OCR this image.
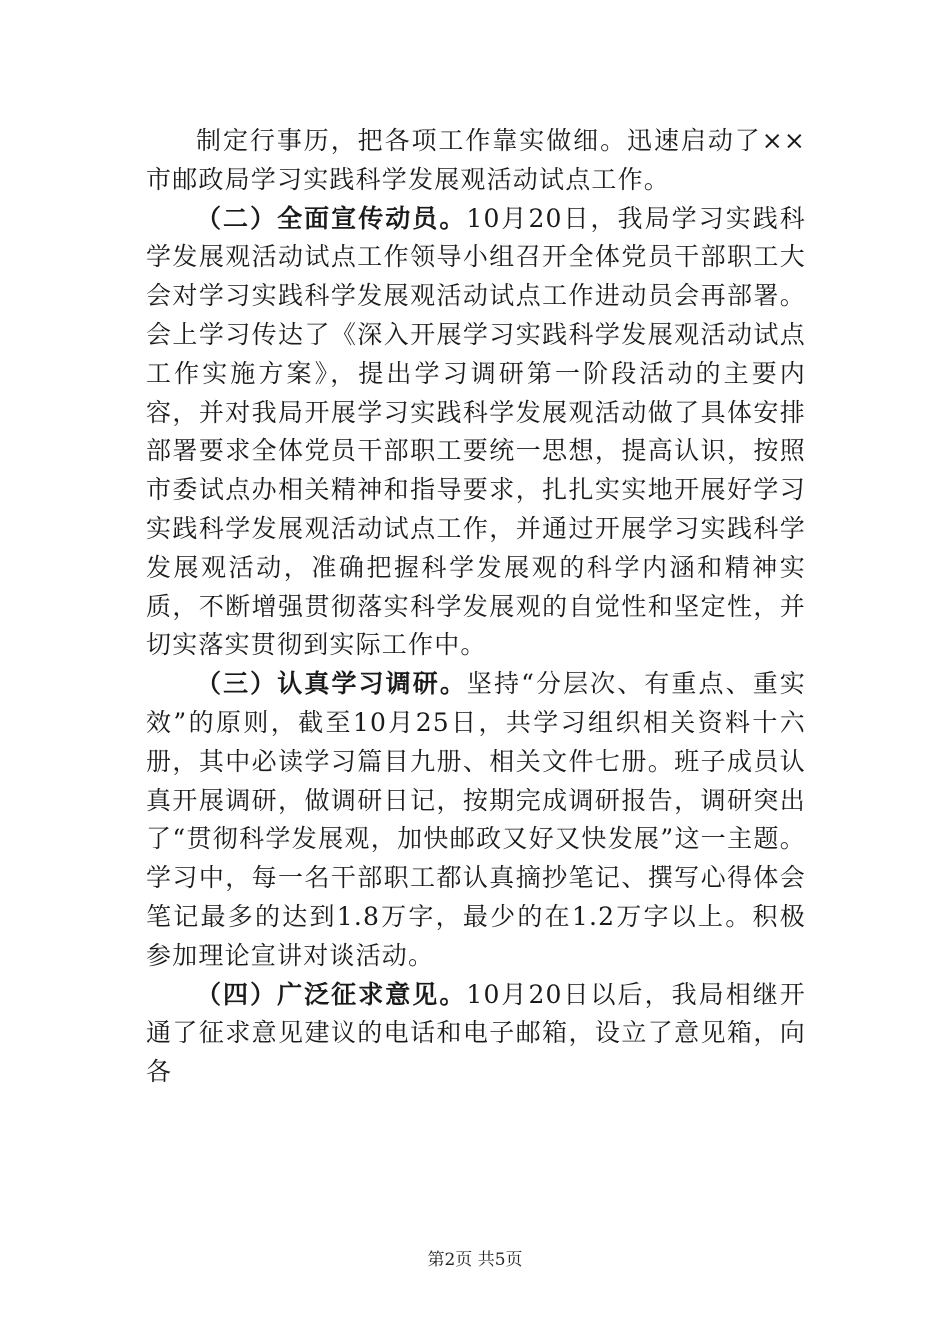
制定行事历，把各项工作靠实做细。迅速启动了××市邮政局学习实践科学发展观活动试点工作。

（二）全面宣传动员。10月20日，我局学习实践科学发展观活动试点工作领导小组召开全体党员干部职工大会对学习实践科学发展观活动试点工作进动员会再部署。会上学习传达了《深入开展学习实践科学发展观活动试点工作实施方案》，提出学习调研第一阶段活动的主要内容，并对我局开展学习实践科学发展观活动做了具体安排部署要求全体党员干部职工要统一思想，提高认识，按照市委试点办相关精神和指导要求，扎扎实实地开展好学习实践科学发展观活动试点工作，并通过开展学习实践科学发展观活动，准确把握科学发展观的科学内涵和精神实质，不断增强贯彻落实科学发展观的自觉性和坚定性，并切实落实贯彻到实际工作中。

（三）认真学习调研。坚持“分层次、有重点、重实效”的原则，截至10月25日，共学习组织相关资料十六册，其中必读学习篇目九册、相关文件七册。班子成员认真开展调研，做调研日记，按期完成调研报告，调研突出了“贯彻科学发展观，加快邮政又好又快发展”这一主题。学习中，每一名干部职工都认真摘抄笔记、撰写心得体会笔记最多的达到1.8万字，最少的在1.2万字以上。积极参加理论宣讲对谈活动。

（四）广泛征求意见。10月20日以后，我局相继开通了征求意见建议的电话和电子邮箱，设立了意见箱，向各

第2页 共5页
